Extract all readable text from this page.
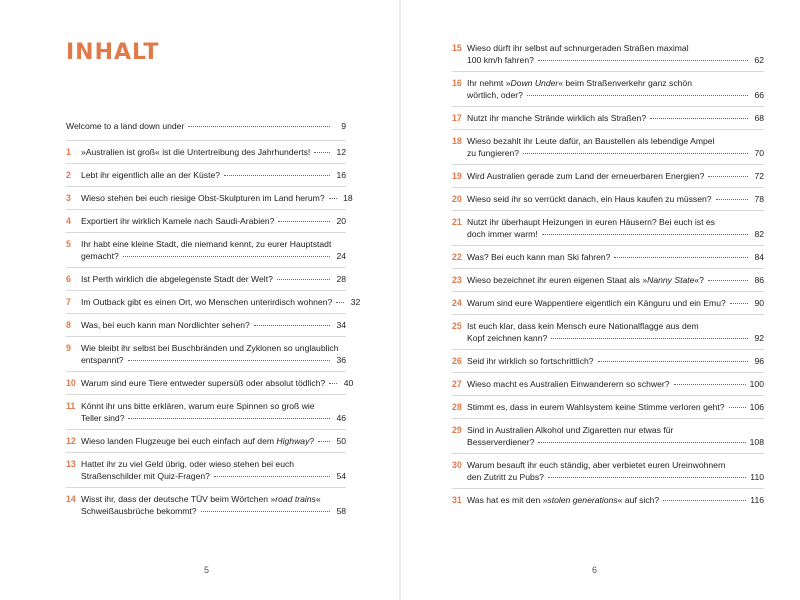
INHALT
Welcome to a land down under	9
1	»Australien ist groß« ist die Untertreibung des Jahrhunderts!	12
2	Lebt ihr eigentlich alle an der Küste?	16
3	Wieso stehen bei euch riesige Obst-Skulpturen im Land herum? 18
4	Exportiert ihr wirklich Kamele nach Saudi-Arabien?	20
5	Ihr habt eine kleine Stadt, die niemand kennt, zu eurer Hauptstadt
gemacht?	24
6	Ist Perth wirklich die abgelegenste Stadt der Welt?	28
7	Im Outback gibt es einen Ort, wo Menschen unterirdisch wohnen? 32
8	Was, bei euch kann man Nordlichter sehen?	34
9	Wie bleibt ihr selbst bei Buschbränden und Zyklonen so unglaublich
entspannt?	36
10 Warum sind eure Tiere entweder supersüß oder absolut tödlich? 40
11 Könnt ihr uns bitte erklären, warum eure Spinnen so groß wie
Teller sind?	46
12 Wieso landen Flugzeuge bei euch einfach auf dem Highway?	50
13 Hattet ihr zu viel Geld übrig, oder wieso stehen bei euch
Straßenschilder mit Quiz-Fragen?	54
14 Wisst ihr, dass der deutsche TÜV beim Wörtchen »road trains«
Schweißausbrüche bekommt?	58
5
15 Wieso dürft ihr selbst auf schnurgeraden Straßen maximal
100 km/h fahren?	62
16 Ihr nehmt »Down Under« beim Straßenverkehr ganz schön
wörtlich, oder?	66
17 Nutzt ihr manche Strände wirklich als Straßen?	68
18 Wieso bezahlt ihr Leute dafür, an Baustellen als lebendige Ampel
zu fungieren?	70
19 Wird Australien gerade zum Land der erneuerbaren Energien?	72
20 Wieso seid ihr so verrückt danach, ein Haus kaufen zu müssen?	78
21 Nutzt ihr überhaupt Heizungen in euren Häusern? Bei euch ist es
doch immer warm!	82
22 Was? Bei euch kann man Ski fahren?	84
23 Wieso bezeichnet ihr euren eigenen Staat als »Nanny State«?	86
24 Warum sind eure Wappentiere eigentlich ein Känguru und ein Emu?	90
25 Ist euch klar, dass kein Mensch eure Nationalflagge aus dem
Kopf zeichnen kann?	92
26 Seid ihr wirklich so fortschrittlich?	96
27 Wieso macht es Australien Einwanderern so schwer?	100
28 Stimmt es, dass in eurem Wahlsystem keine Stimme verloren geht?	106
29 Sind in Australien Alkohol und Zigaretten nur etwas für
Besserverdiener?	108
30 Warum besauft ihr euch ständig, aber verbietet euren Ureinwohnern
den Zutritt zu Pubs?	110
31 Was hat es mit den »stolen generations« auf sich?	116
6
